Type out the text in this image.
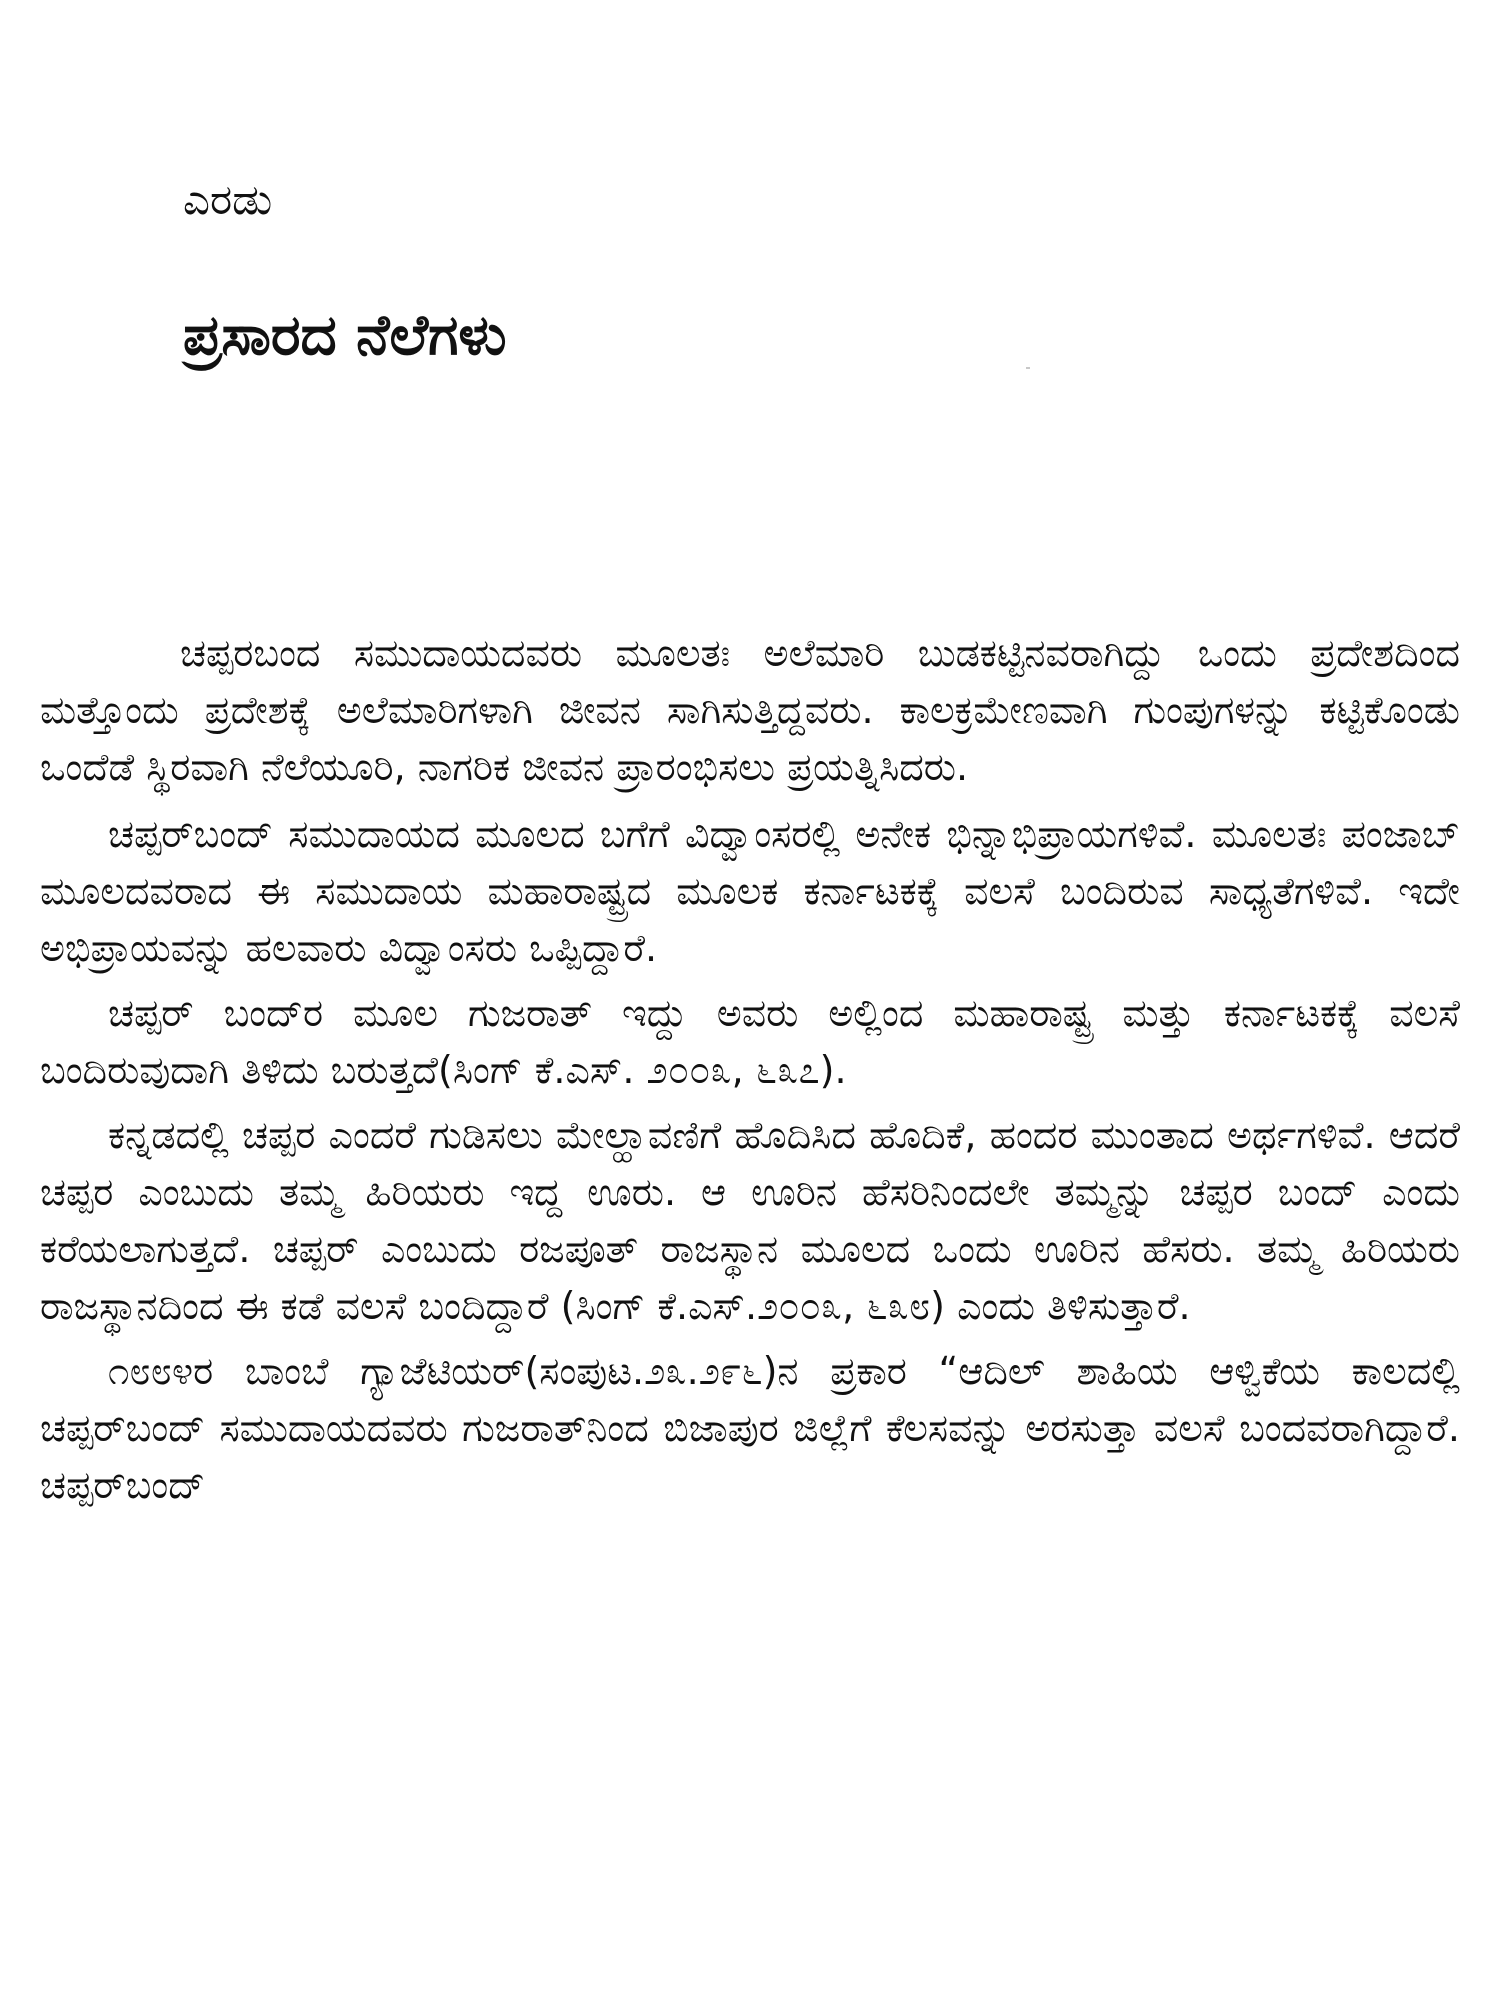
ಎರಡು
ಪ್ರಸಾರದ ನೆಲೆಗಳು

ಚಪ್ಪರಬಂದ ಸಮುದಾಯದವರು ಮೂಲತಃ ಅಲೆಮಾರಿ ಬುಡಕಟ್ಟಿನವರಾಗಿದ್ದು ಒಂದು ಪ್ರದೇಶದಿಂದ ಮತ್ತೊಂದು ಪ್ರದೇಶಕ್ಕೆ ಅಲೆಮಾರಿಗಳಾಗಿ ಜೀವನ ಸಾಗಿಸುತ್ತಿದ್ದವರು. ಕಾಲಕ್ರಮೇಣವಾಗಿ ಗುಂಪುಗಳನ್ನು ಕಟ್ಟಿಕೊಂಡು ಒಂದೆಡೆ ಸ್ಥಿರವಾಗಿ ನೆಲೆಯೂರಿ, ನಾಗರಿಕ ಜೀವನ ಪ್ರಾರಂಭಿಸಲು ಪ್ರಯತ್ನಿಸಿದರು.

ಚಪ್ಪರ್‌ಬಂದ್ ಸಮುದಾಯದ ಮೂಲದ ಬಗೆಗೆ ವಿದ್ವಾಂಸರಲ್ಲಿ ಅನೇಕ ಭಿನ್ನಾಭಿಪ್ರಾಯಗಳಿವೆ. ಮೂಲತಃ ಪಂಜಾಬ್ ಮೂಲದವರಾದ ಈ ಸಮುದಾಯ ಮಹಾರಾಷ್ಟ್ರದ ಮೂಲಕ ಕರ್ನಾಟಕಕ್ಕೆ ವಲಸೆ ಬಂದಿರುವ ಸಾಧ್ಯತೆಗಳಿವೆ. ಇದೇ ಅಭಿಪ್ರಾಯವನ್ನು ಹಲವಾರು ವಿದ್ವಾಂಸರು ಒಪ್ಪಿದ್ದಾರೆ.

ಚಪ್ಪರ್ ಬಂದ್‌ರ ಮೂಲ ಗುಜರಾತ್ ಇದ್ದು ಅವರು ಅಲ್ಲಿಂದ ಮಹಾರಾಷ್ಟ್ರ ಮತ್ತು ಕರ್ನಾಟಕಕ್ಕೆ ವಲಸೆ ಬಂದಿರುವುದಾಗಿ ತಿಳಿದು ಬರುತ್ತದೆ(ಸಿಂಗ್ ಕೆ.ಎಸ್. ೨೦೦೩, ೬೩೭).

ಕನ್ನಡದಲ್ಲಿ ಚಪ್ಪರ ಎಂದರೆ ಗುಡಿಸಲು ಮೇಲ್ಹಾವಣಿಗೆ ಹೊದಿಸಿದ ಹೊದಿಕೆ, ಹಂದರ ಮುಂತಾದ ಅರ್ಥಗಳಿವೆ. ಆದರೆ ಚಪ್ಪರ ಎಂಬುದು ತಮ್ಮ ಹಿರಿಯರು ಇದ್ದ ಊರು. ಆ ಊರಿನ ಹೆಸರಿನಿಂದಲೇ ತಮ್ಮನ್ನು ಚಪ್ಪರ ಬಂದ್ ಎಂದು ಕರೆಯಲಾಗುತ್ತದೆ. ಚಪ್ಪರ್ ಎಂಬುದು ರಜಪೂತ್ ರಾಜಸ್ಥಾನ ಮೂಲದ ಒಂದು ಊರಿನ ಹೆಸರು. ತಮ್ಮ ಹಿರಿಯರು ರಾಜಸ್ಥಾನದಿಂದ ಈ ಕಡೆ ವಲಸೆ ಬಂದಿದ್ದಾರೆ (ಸಿಂಗ್ ಕೆ.ಎಸ್.೨೦೦೩, ೬೩೮) ಎಂದು ತಿಳಿಸುತ್ತಾರೆ.

೧೮೮೪ರ ಬಾಂಬೆ ಗ್ಯಾಜೆಟಿಯರ್(ಸಂಪುಟ.೨೩.೨೯೬)ನ ಪ್ರಕಾರ “ಆದಿಲ್ ಶಾಹಿಯ ಆಳ್ವಿಕೆಯ ಕಾಲದಲ್ಲಿ ಚಪ್ಪರ್‌ಬಂದ್ ಸಮುದಾಯದವರು ಗುಜರಾತ್‌ನಿಂದ ಬಿಜಾಪುರ ಜಿಲ್ಲೆಗೆ ಕೆಲಸವನ್ನು ಅರಸುತ್ತಾ ವಲಸೆ ಬಂದವರಾಗಿದ್ದಾರೆ. ಚಪ್ಪರ್‌ಬಂದ್
